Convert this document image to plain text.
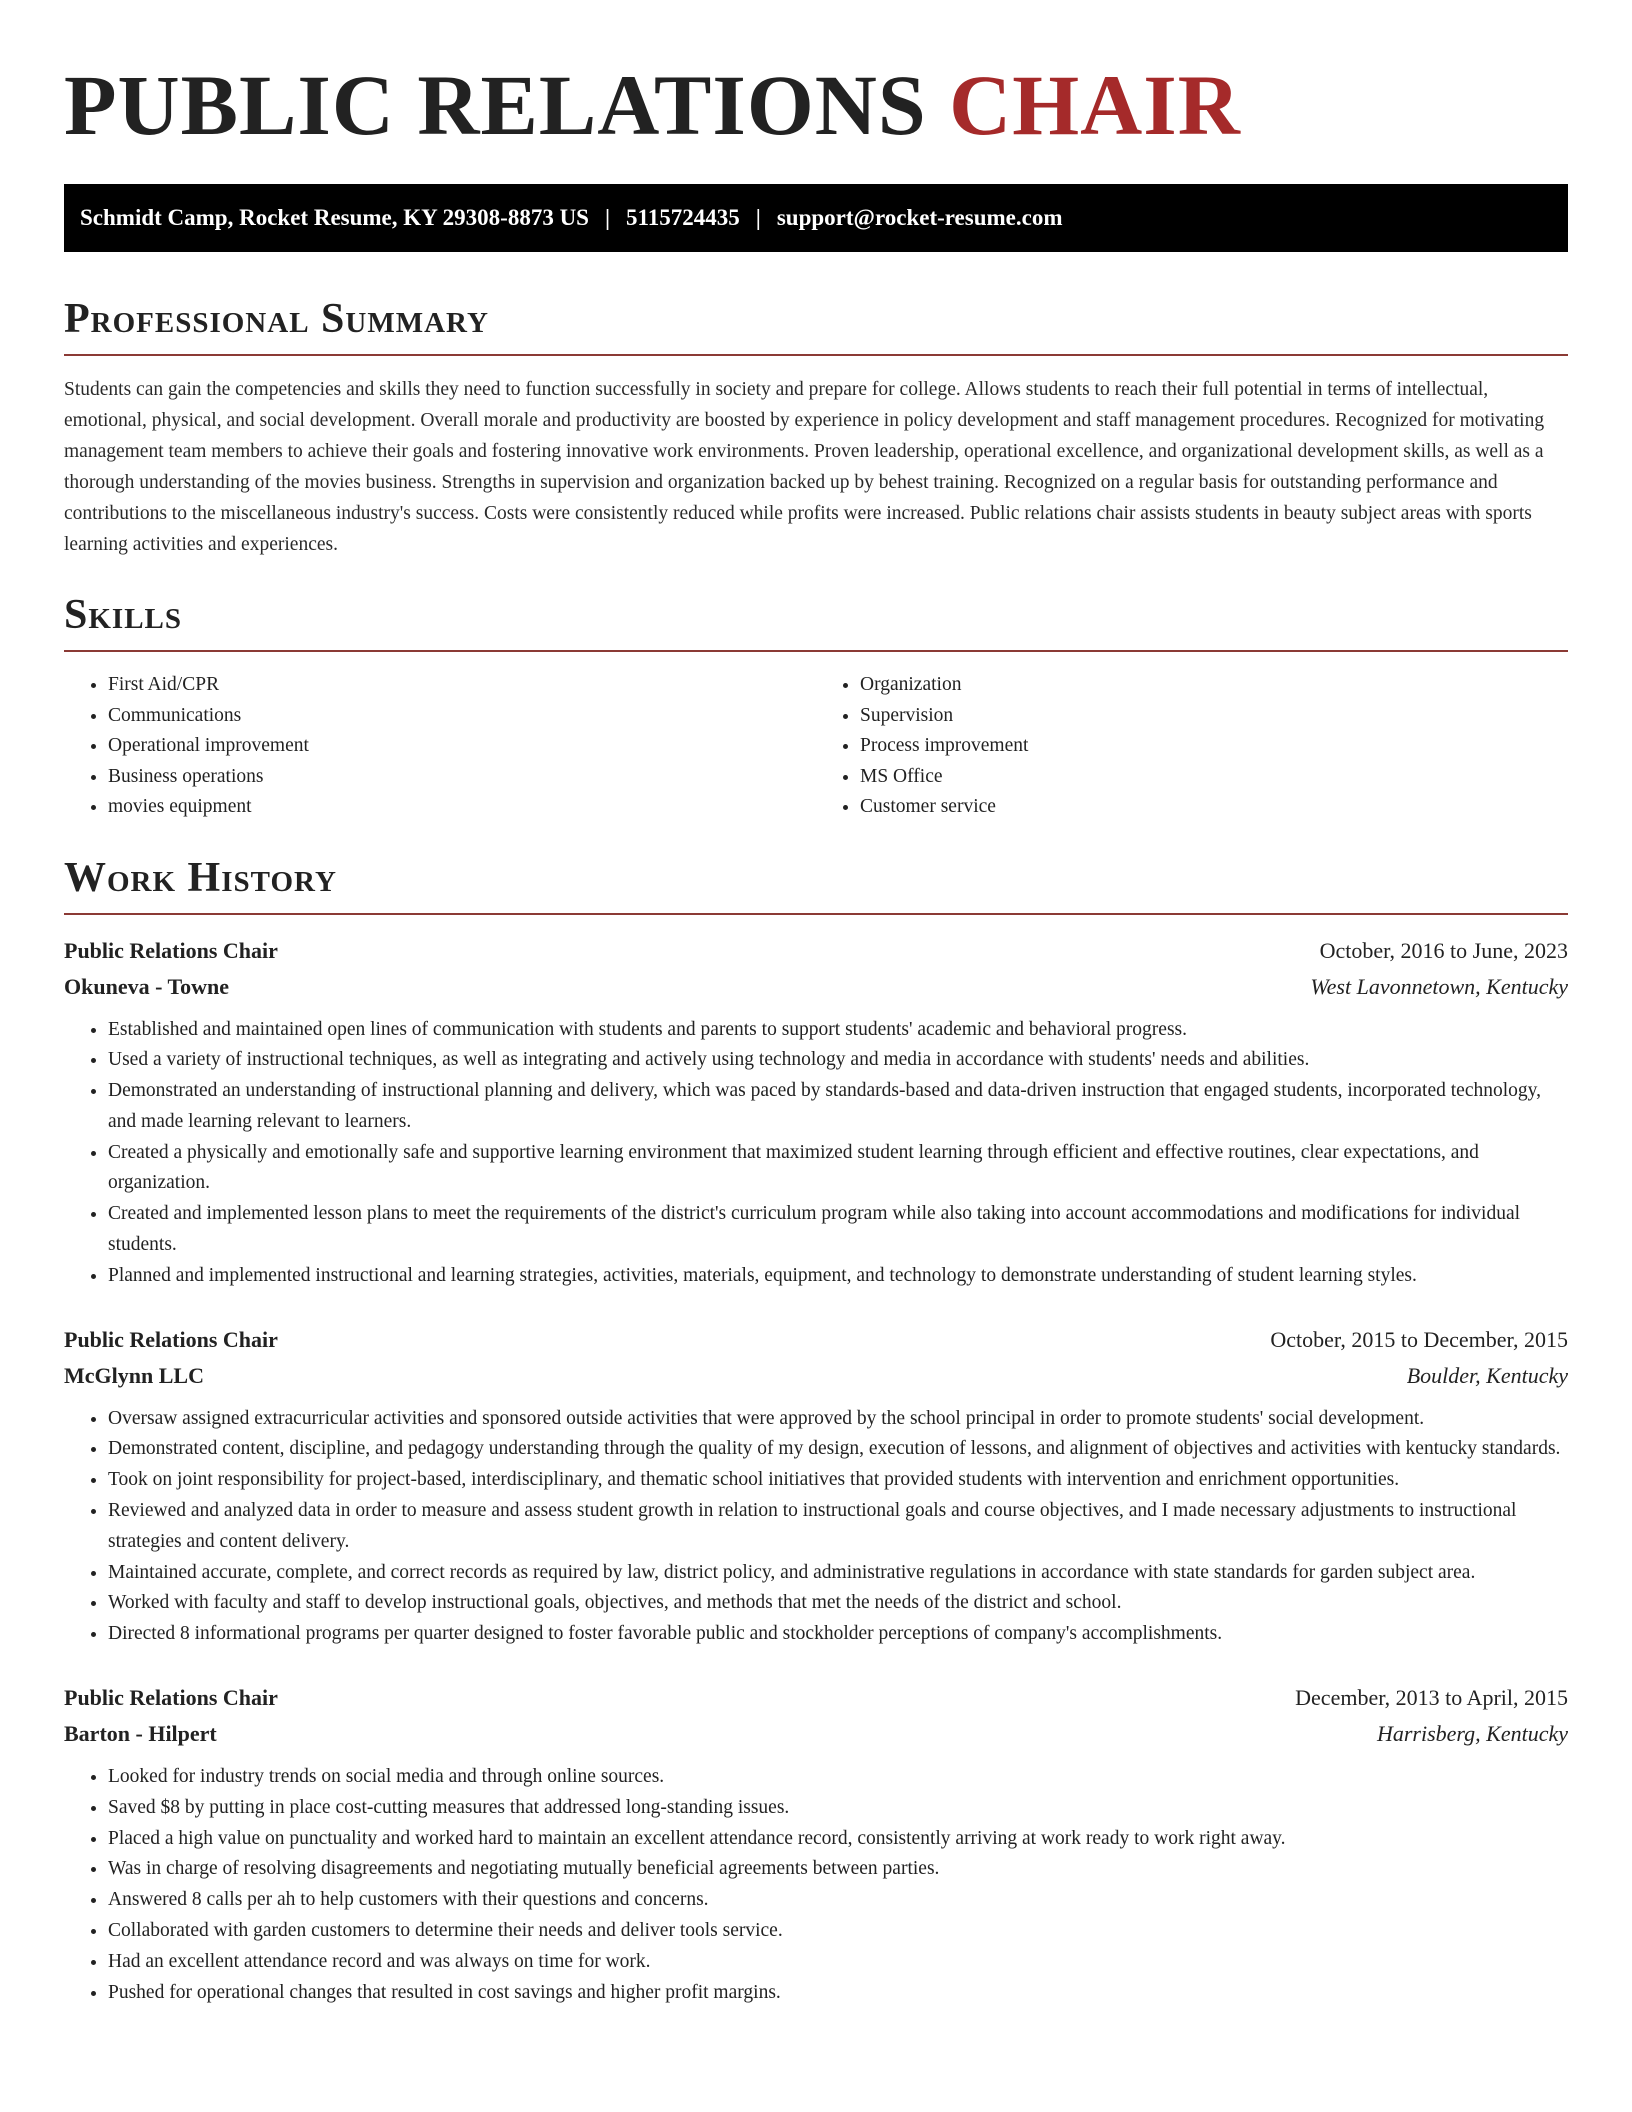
PUBLIC RELATIONS CHAIR
Schmidt Camp, Rocket Resume, KY 29308-8873 US | 5115724435 | support@rocket-resume.com
Professional Summary

Students can gain the competencies and skills they need to function successfully in society and prepare for college. Allows students to reach their full potential in terms of intellectual, emotional, physical, and social development. Overall morale and productivity are boosted by experience in policy development and staff management procedures. Recognized for motivating management team members to achieve their goals and fostering innovative work environments. Proven leadership, operational excellence, and organizational development skills, as well as a thorough understanding of the movies business. Strengths in supervision and organization backed up by behest training. Recognized on a regular basis for outstanding performance and contributions to the miscellaneous industry's success. Costs were consistently reduced while profits were increased. Public relations chair assists students in beauty subject areas with sports learning activities and experiences.

Skills
• First Aid/CPR
• Communications
• Operational improvement
• Business operations
• movies equipment
• Organization
• Supervision
• Process improvement
• MS Office
• Customer service
Work History
Public Relations Chair	October, 2016 to June, 2023
Okuneva - Towne	West Lavonnetown, Kentucky
• Established and maintained open lines of communication with students and parents to support students' academic and behavioral progress.
• Used a variety of instructional techniques, as well as integrating and actively using technology and media in accordance with students' needs and abilities.
• Demonstrated an understanding of instructional planning and delivery, which was paced by standards-based and data-driven instruction that engaged students, incorporated technology, and made learning relevant to learners.
• Created a physically and emotionally safe and supportive learning environment that maximized student learning through efficient and effective routines, clear expectations, and organization.
• Created and implemented lesson plans to meet the requirements of the district's curriculum program while also taking into account accommodations and modifications for individual students.
• Planned and implemented instructional and learning strategies, activities, materials, equipment, and technology to demonstrate understanding of student learning styles.
Public Relations Chair	October, 2015 to December, 2015
McGlynn LLC	Boulder, Kentucky
• Oversaw assigned extracurricular activities and sponsored outside activities that were approved by the school principal in order to promote students' social development.
• Demonstrated content, discipline, and pedagogy understanding through the quality of my design, execution of lessons, and alignment of objectives and activities with kentucky standards.
• Took on joint responsibility for project-based, interdisciplinary, and thematic school initiatives that provided students with intervention and enrichment opportunities.
• Reviewed and analyzed data in order to measure and assess student growth in relation to instructional goals and course objectives, and I made necessary adjustments to instructional strategies and content delivery.
• Maintained accurate, complete, and correct records as required by law, district policy, and administrative regulations in accordance with state standards for garden subject area.
• Worked with faculty and staff to develop instructional goals, objectives, and methods that met the needs of the district and school.
• Directed 8 informational programs per quarter designed to foster favorable public and stockholder perceptions of company's accomplishments.
Public Relations Chair	December, 2013 to April, 2015
Barton - Hilpert	Harrisberg, Kentucky
• Looked for industry trends on social media and through online sources.
• Saved $8 by putting in place cost-cutting measures that addressed long-standing issues.
• Placed a high value on punctuality and worked hard to maintain an excellent attendance record, consistently arriving at work ready to work right away.
• Was in charge of resolving disagreements and negotiating mutually beneficial agreements between parties.
• Answered 8 calls per ah to help customers with their questions and concerns.
• Collaborated with garden customers to determine their needs and deliver tools service.
• Had an excellent attendance record and was always on time for work.
• Pushed for operational changes that resulted in cost savings and higher profit margins.
